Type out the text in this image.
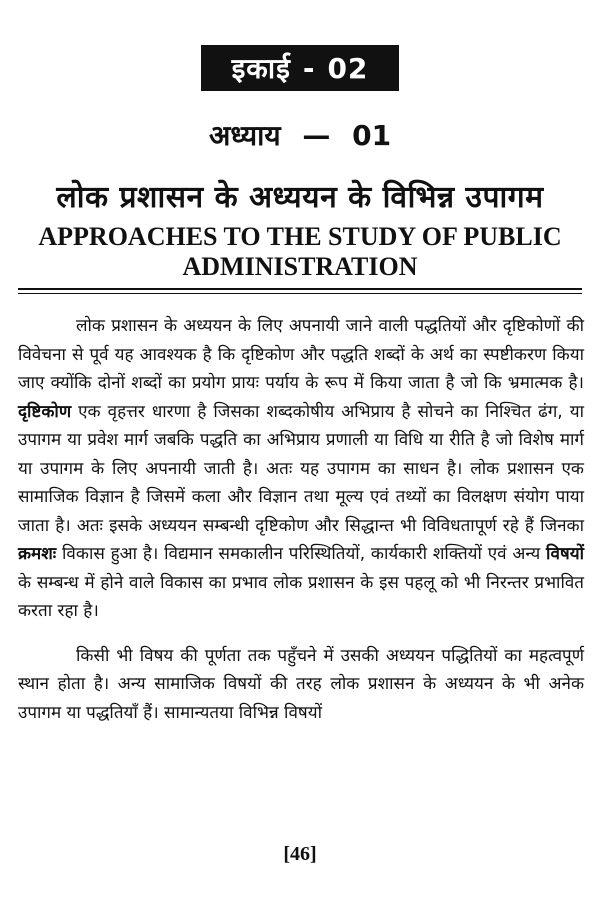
इकाई - 02
अध्याय — 01
लोक प्रशासन के अध्ययन के विभिन्न उपागम
APPROACHES TO THE STUDY OF PUBLIC ADMINISTRATION

लोक प्रशासन के अध्ययन के लिए अपनायी जाने वाली पद्धतियों और दृष्टिकोणों की विवेचना से पूर्व यह आवश्यक है कि दृष्टिकोण और पद्धति शब्दों के अर्थ का स्पष्टीकरण किया जाए क्योंकि दोनों शब्दों का प्रयोग प्रायः पर्याय के रूप में किया जाता है जो कि भ्रमात्मक है। दृष्टिकोण एक वृहत्तर धारणा है जिसका शब्दकोषीय अभिप्राय है सोचने का निश्चित ढंग, या उपागम या प्रवेश मार्ग जबकि पद्धति का अभिप्राय प्रणाली या विधि या रीति है जो विशेष मार्ग या उपागम के लिए अपनायी जाती है। अतः यह उपागम का साधन है। लोक प्रशासन एक सामाजिक विज्ञान है जिसमें कला और विज्ञान तथा मूल्य एवं तथ्यों का विलक्षण संयोग पाया जाता है। अतः इसके अध्ययन सम्बन्धी दृष्टिकोण और सिद्धान्त भी विविधतापूर्ण रहे हैं जिनका क्रमशः विकास हुआ है। विद्यमान समकालीन परिस्थितियों, कार्यकारी शक्तियों एवं अन्य विषयों के सम्बन्ध में होने वाले विकास का प्रभाव लोक प्रशासन के इस पहलू को भी निरन्तर प्रभावित करता रहा है।

किसी भी विषय की पूर्णता तक पहुँचने में उसकी अध्ययन पद्धितियों का महत्वपूर्ण स्थान होता है। अन्य सामाजिक विषयों की तरह लोक प्रशासन के अध्ययन के भी अनेक उपागम या पद्धतियाँ हैं। सामान्यतया विभिन्न विषयों

[46]
